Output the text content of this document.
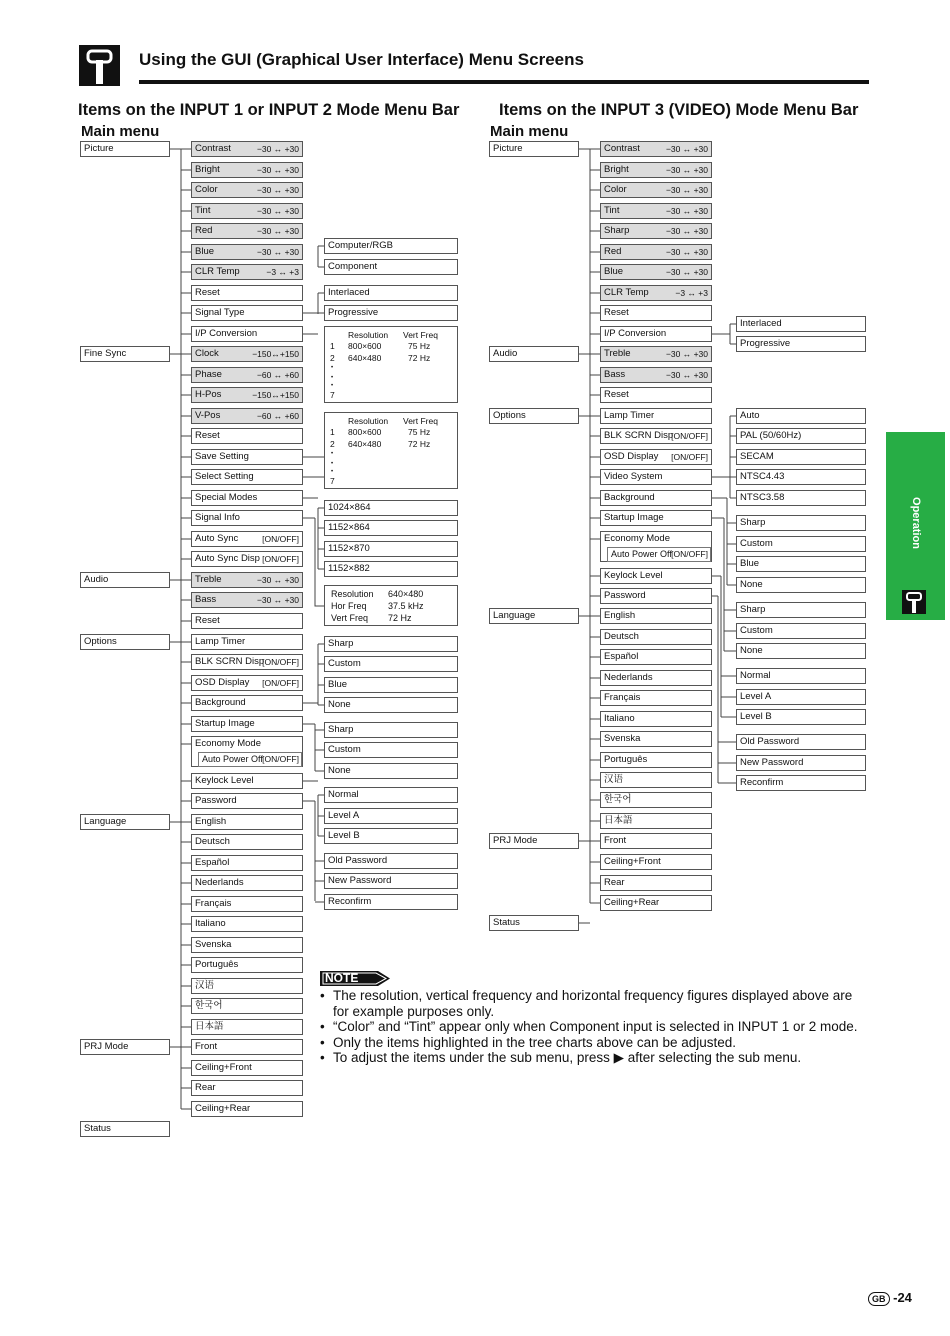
Using the GUI (Graphical User Interface) Menu Screens
Items on the INPUT 1 or INPUT 2 Mode Menu Bar
Main menu
Items on the INPUT 3 (VIDEO) Mode Menu Bar
Main menu
Picture	Contrast	−30 ↔ +30
Bright	−30 ↔ +30
Color	−30 ↔ +30
Tint	−30 ↔ +30
Red	−30 ↔ +30
Blue	−30 ↔ +30
CLR Temp	−3 ↔ +3
Reset
Signal Type
I/P Conversion
Computer/RGB
Component
Interlaced
Progressive
Fine Sync	Clock	−150↔+150
Phase	−60 ↔ +60
H-Pos	−150↔+150
V-Pos	−60 ↔ +60
Reset
Save Setting
Select Setting
Special Modes
Signal Info
Auto Sync	[ON/OFF]
Auto Sync Disp [ON/OFF]
1024×864
1152×864
1152×870
1152×882
Audio	Treble	−30 ↔ +30
Bass	−30 ↔ +30
Reset
Options	Lamp Timer
BLK SCRN Disp
[ON/OFF]
OSD Display [ON/OFF]
Background
Startup Image
Economy Mode
Keylock Level
Password
Sharp
Custom
Blue
None
Sharp
Custom
None
Normal
Level A
Level B
Old Password
New Password
Reconfirm
Language	English
Deutsch
Español
Nederlands
Français
Italiano
Svenska
Português
汉语
한국어
日本語
PRJ Mode	Front
Ceiling+Front
Rear
Ceiling+Rear
Status
Picture	Contrast	−30 ↔ +30
Bright	−30 ↔ +30
Color	−30 ↔ +30
Tint	−30 ↔ +30
Sharp	−30 ↔ +30
Red	−30 ↔ +30
Blue	−30 ↔ +30
CLR Temp	−3 ↔ +3
Reset
I/P Conversion
Interlaced
Progressive
Audio	Treble	−30 ↔ +30
Bass	−30 ↔ +30
Reset
Options	Lamp Timer
BLK SCRN Disp
[ON/OFF]
OSD Display [ON/OFF]
Video System
Background
Startup Image
Economy Mode
Keylock Level
Password
Auto
PAL (50/60Hz)
SECAM
NTSC4.43
NTSC3.58
Sharp
Custom
Blue
None
Sharp
Custom
None
Normal
Level A
Level B
Old Password
New Password
Reconfirm
Language	English
Deutsch
Español
Nederlands
Français
Italiano
Svenska
Português
汉语
한국어
日本語
PRJ Mode	Front
Ceiling+Front
Rear
Ceiling+Rear
Status
Auto Power Off [ON/OFF]
Auto Power Off [ON/OFF]
Resolution Vert Freq
1 800×600	75 Hz
2 640×480	72 Hz
•
•
•
7
Resolution Vert Freq
1 800×600	75 Hz
2 640×480	72 Hz
•
•
•
7
Resolution 640×480
Hor Freq 37.5 kHz
Vert Freq 72 Hz
Operation
NOTE
• The resolution, vertical frequency and horizontal frequency figures displayed above are for example purposes only.
• “Color” and “Tint” appear only when Component input is selected in INPUT 1 or 2 mode.
• Only the items highlighted in the tree charts above can be adjusted.
• To adjust the items under the sub menu, press ▶ after selecting the sub menu.
GB -24
